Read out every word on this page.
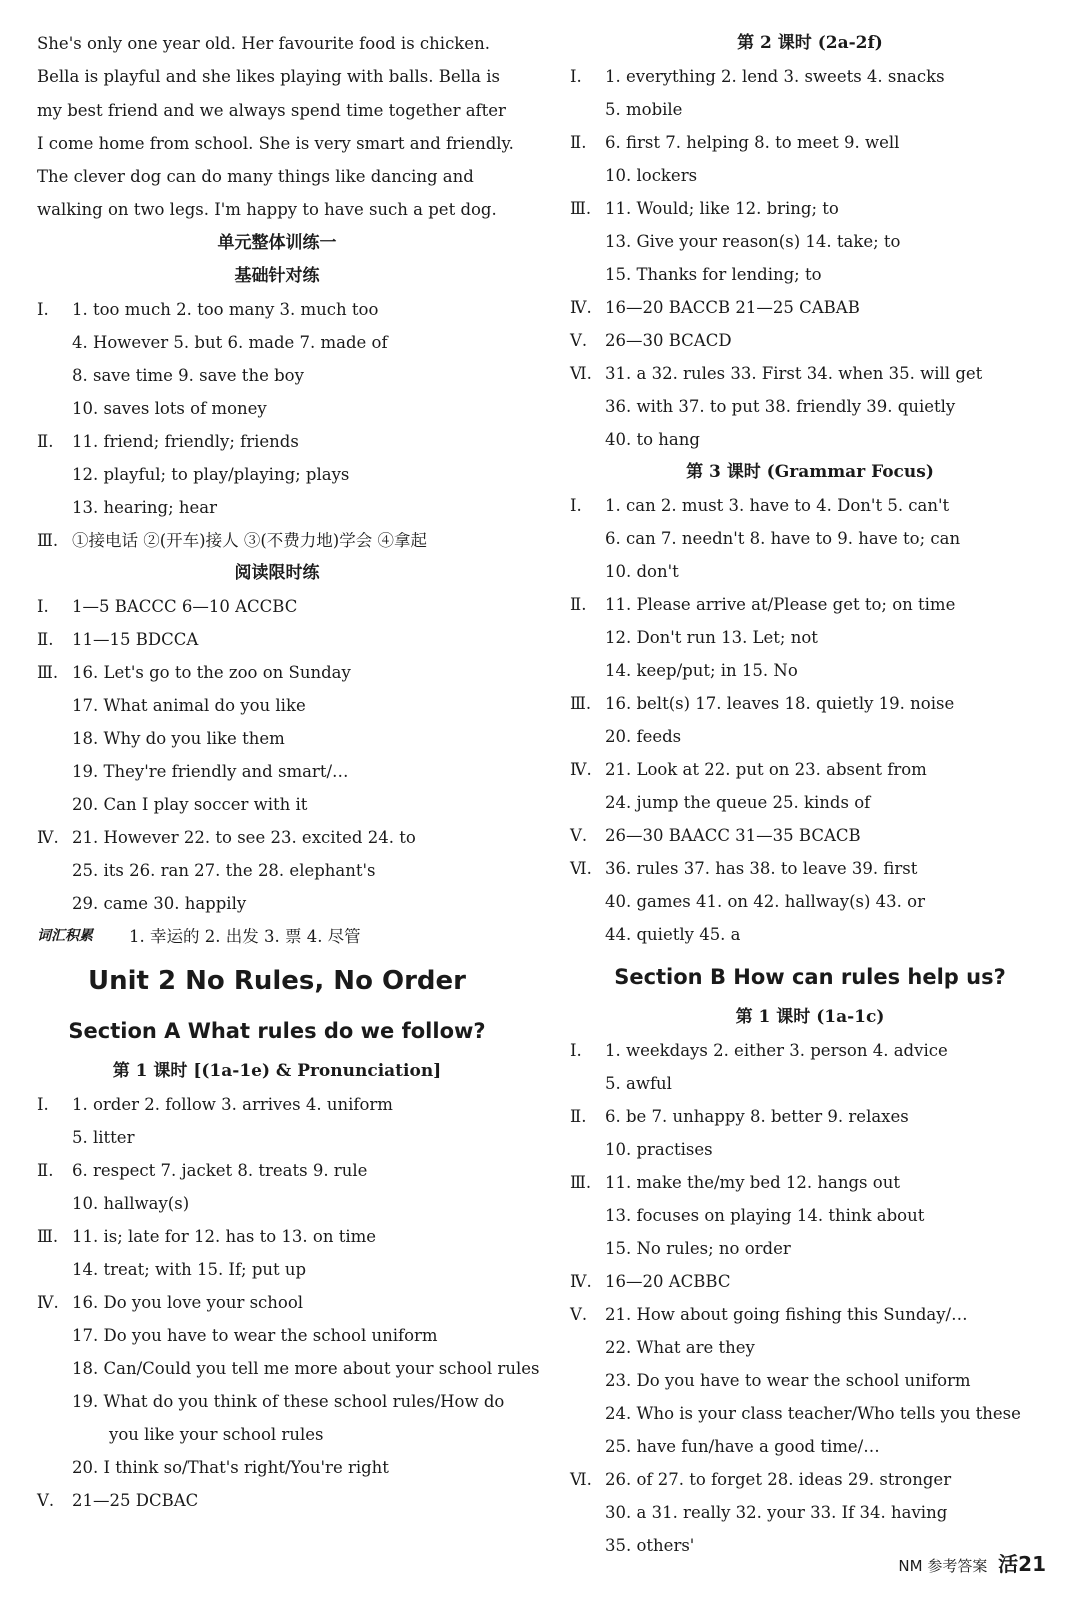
She's only one year old. Her favourite food is chicken. Bella is playful and she likes playing with balls. Bella is my best friend and we always spend time together after I come home from school. She is very smart and friendly. The clever dog can do many things like dancing and walking on two legs. I'm happy to have such a pet dog.

单元整体训练一
基础针对练
Ⅰ. 1. too much 2. too many 3. much too
4. However 5. but 6. made 7. made of
8. save time 9. save the boy
10. saves lots of money
Ⅱ. 11. friend; friendly; friends
12. playful; to play/playing; plays
13. hearing; hear
Ⅲ. ①接电话 ②(开车)接人 ③(不费力地)学会 ④拿起
阅读限时练
Ⅰ. 1—5 BACCC 6—10 ACCBC
Ⅱ. 11—15 BDCCA
Ⅲ. 16. Let's go to the zoo on Sunday
17. What animal do you like
18. Why do you like them
19. They're friendly and smart/…
20. Can I play soccer with it
Ⅳ. 21. However 22. to see 23. excited 24. to
25. its 26. ran 27. the 28. elephant's
29. came 30. happily
词汇积累 1. 幸运的 2. 出发 3. 票 4. 尽管
Unit 2 No Rules, No Order
Section A What rules do we follow?
第 1 课时 [(1a-1e) & Pronunciation]
Ⅰ. 1. order 2. follow 3. arrives 4. uniform
5. litter
Ⅱ. 6. respect 7. jacket 8. treats 9. rule
10. hallway(s)
Ⅲ. 11. is; late for 12. has to 13. on time
14. treat; with 15. If; put up
Ⅳ. 16. Do you love your school
17. Do you have to wear the school uniform
18. Can/Could you tell me more about your school rules
19. What do you think of these school rules/How do
you like your school rules
20. I think so/That's right/You're right
Ⅴ. 21—25 DCBAC
第 2 课时 (2a-2f)
Ⅰ. 1. everything 2. lend 3. sweets 4. snacks
5. mobile
Ⅱ. 6. first 7. helping 8. to meet 9. well
10. lockers
Ⅲ. 11. Would; like 12. bring; to
13. Give your reason(s) 14. take; to
15. Thanks for lending; to
Ⅳ. 16—20 BACCB 21—25 CABAB
Ⅴ. 26—30 BCACD
Ⅵ. 31. a 32. rules 33. First 34. when 35. will get
36. with 37. to put 38. friendly 39. quietly
40. to hang
第 3 课时 (Grammar Focus)
Ⅰ. 1. can 2. must 3. have to 4. Don't 5. can't
6. can 7. needn't 8. have to 9. have to; can
10. don't
Ⅱ. 11. Please arrive at/Please get to; on time
12. Don't run 13. Let; not
14. keep/put; in 15. No
Ⅲ. 16. belt(s) 17. leaves 18. quietly 19. noise
20. feeds
Ⅳ. 21. Look at 22. put on 23. absent from
24. jump the queue 25. kinds of
Ⅴ. 26—30 BAACC 31—35 BCACB
Ⅵ. 36. rules 37. has 38. to leave 39. first
40. games 41. on 42. hallway(s) 43. or
44. quietly 45. a
Section B How can rules help us?
第 1 课时 (1a-1c)
Ⅰ. 1. weekdays 2. either 3. person 4. advice
5. awful
Ⅱ. 6. be 7. unhappy 8. better 9. relaxes
10. practises
Ⅲ. 11. make the/my bed 12. hangs out
13. focuses on playing 14. think about
15. No rules; no order
Ⅳ. 16—20 ACBBC
Ⅴ. 21. How about going fishing this Sunday/…
22. What are they
23. Do you have to wear the school uniform
24. Who is your class teacher/Who tells you these
25. have fun/have a good time/…
Ⅵ. 26. of 27. to forget 28. ideas 29. stronger
30. a 31. really 32. your 33. If 34. having
35. others'
NM 参考答案 活21
